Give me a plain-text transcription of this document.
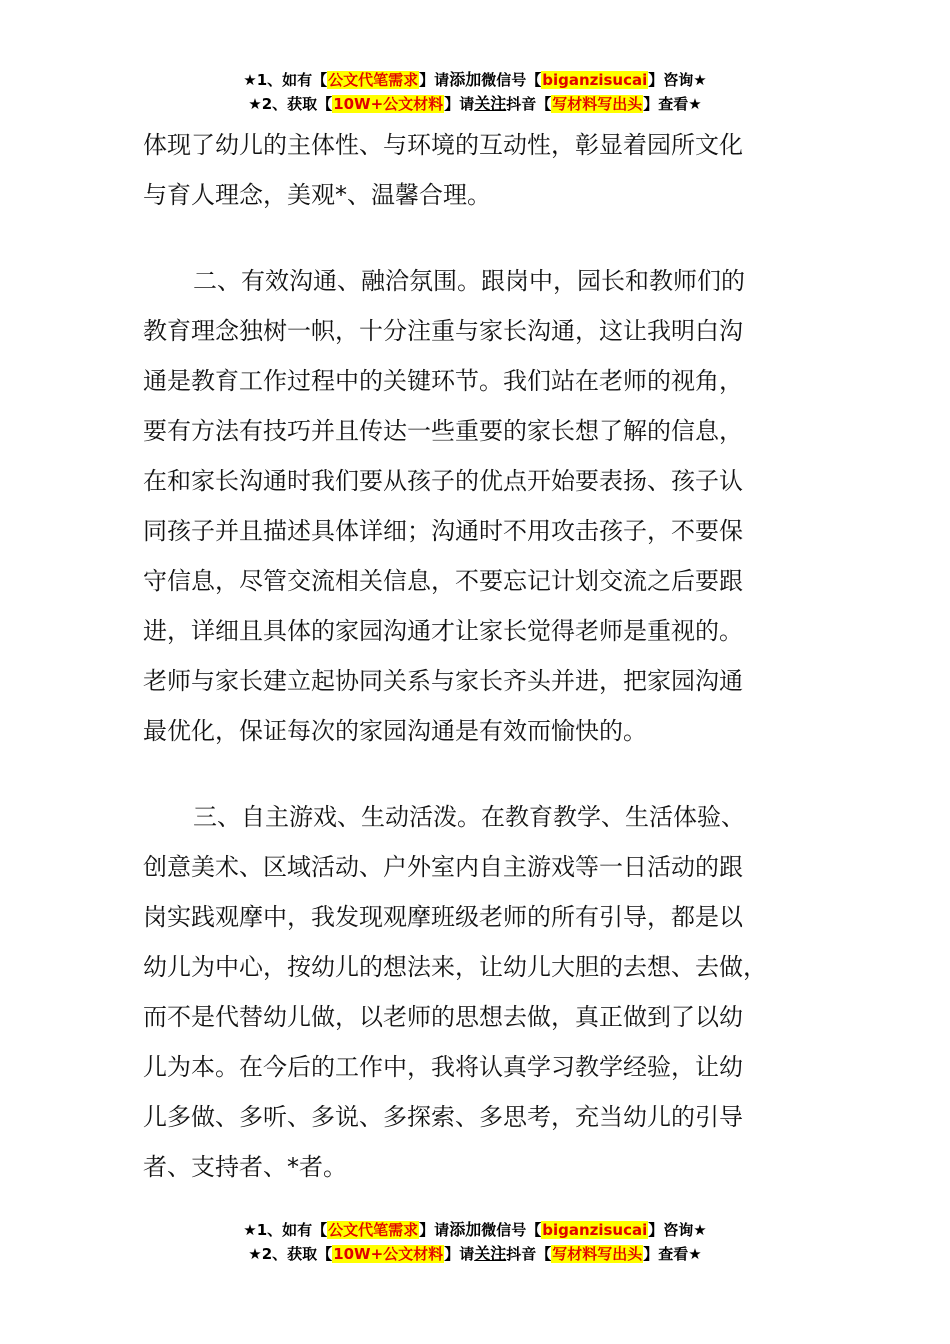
★1、如有【公文代笔需求】请添加微信号【biganzisucai】咨询★
★2、获取【10W+公文材料】请关注抖音【写材料写出头】查看★

体现了幼儿的主体性、与环境的互动性，彰显着园所文化

与育人理念，美观*、温馨合理。

二、有效沟通、融洽氛围。跟岗中，园长和教师们的

教育理念独树一帜，十分注重与家长沟通，这让我明白沟

通是教育工作过程中的关键环节。我们站在老师的视角，

要有方法有技巧并且传达一些重要的家长想了解的信息，

在和家长沟通时我们要从孩子的优点开始要表扬、孩子认

同孩子并且描述具体详细；沟通时不用攻击孩子，不要保

守信息，尽管交流相关信息，不要忘记计划交流之后要跟

进，详细且具体的家园沟通才让家长觉得老师是重视的。

老师与家长建立起协同关系与家长齐头并进，把家园沟通

最优化，保证每次的家园沟通是有效而愉快的。

三、自主游戏、生动活泼。在教育教学、生活体验、

创意美术、区域活动、户外室内自主游戏等一日活动的跟

岗实践观摩中，我发现观摩班级老师的所有引导，都是以

幼儿为中心，按幼儿的想法来，让幼儿大胆的去想、去做，

而不是代替幼儿做，以老师的思想去做，真正做到了以幼

儿为本。在今后的工作中，我将认真学习教学经验，让幼

儿多做、多听、多说、多探索、多思考，充当幼儿的引导

者、支持者、*者。

★1、如有【公文代笔需求】请添加微信号【biganzisucai】咨询★
★2、获取【10W+公文材料】请关注抖音【写材料写出头】查看★
